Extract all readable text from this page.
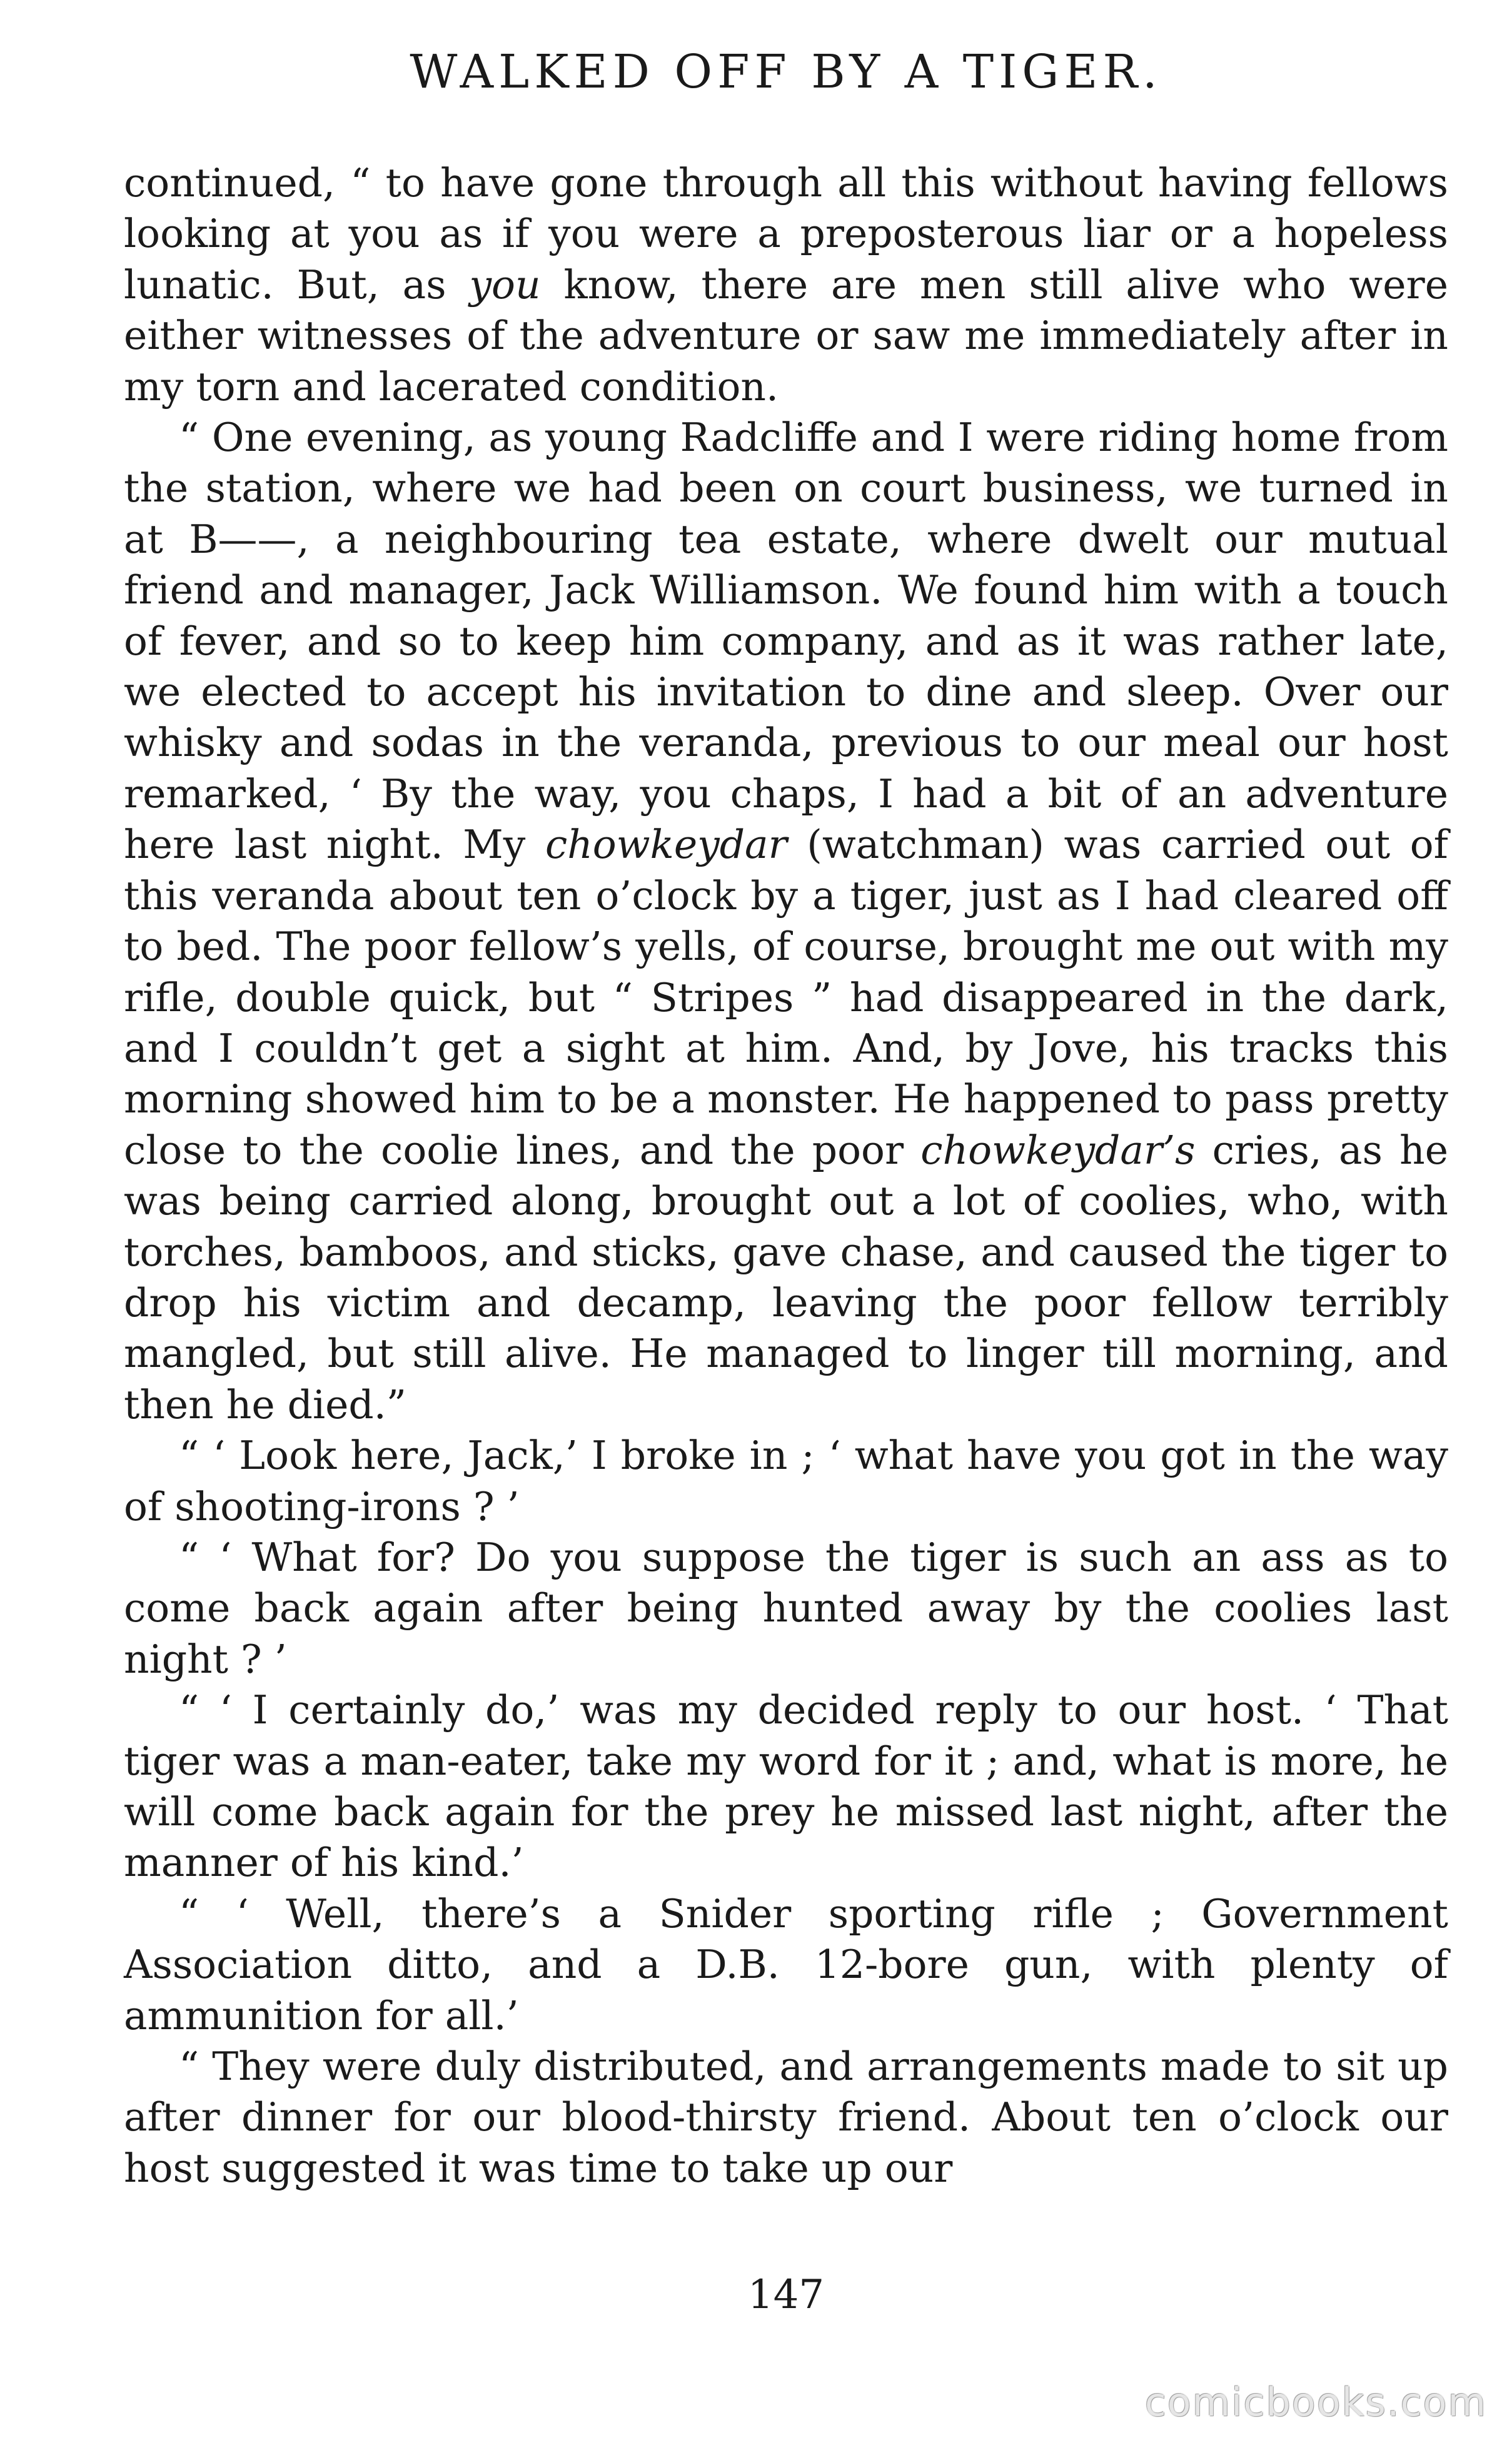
WALKED OFF BY A TIGER.

continued, “ to have gone through all this without having fellows looking at you as if you were a preposterous liar or a hopeless lunatic. But, as you know, there are men still alive who were either witnesses of the adventure or saw me immediately after in my torn and lacerated condition.

“ One evening, as young Radcliffe and I were riding home from the station, where we had been on court business, we turned in at B——, a neighbouring tea estate, where dwelt our mutual friend and manager, Jack Williamson. We found him with a touch of fever, and so to keep him company, and as it was rather late, we elected to accept his invitation to dine and sleep. Over our whisky and sodas in the veranda, previous to our meal our host remarked, ‘ By the way, you chaps, I had a bit of an adventure here last night. My chowkeydar (watchman) was carried out of this veranda about ten o’clock by a tiger, just as I had cleared off to bed. The poor fellow’s yells, of course, brought me out with my rifle, double quick, but “ Stripes ” had disappeared in the dark, and I couldn’t get a sight at him. And, by Jove, his tracks this morning showed him to be a monster. He happened to pass pretty close to the coolie lines, and the poor chowkeydar’s cries, as he was being carried along, brought out a lot of coolies, who, with torches, bamboos, and sticks, gave chase, and caused the tiger to drop his victim and decamp, leaving the poor fellow terribly mangled, but still alive. He managed to linger till morning, and then he died.”

“ ‘ Look here, Jack,’ I broke in ; ‘ what have you got in the way of shooting-irons ? ’

“ ‘ What for? Do you suppose the tiger is such an ass as to come back again after being hunted away by the coolies last night ? ’

“ ‘ I certainly do,’ was my decided reply to our host. ‘ That tiger was a man-eater, take my word for it ; and, what is more, he will come back again for the prey he missed last night, after the manner of his kind.’

“ ‘ Well, there’s a Snider sporting rifle ; Government Association ditto, and a D.B. 12-bore gun, with plenty of ammunition for all.’

“ They were duly distributed, and arrangements made to sit up after dinner for our blood-thirsty friend. About ten o’clock our host suggested it was time to take up our

147
comicbooks.com
